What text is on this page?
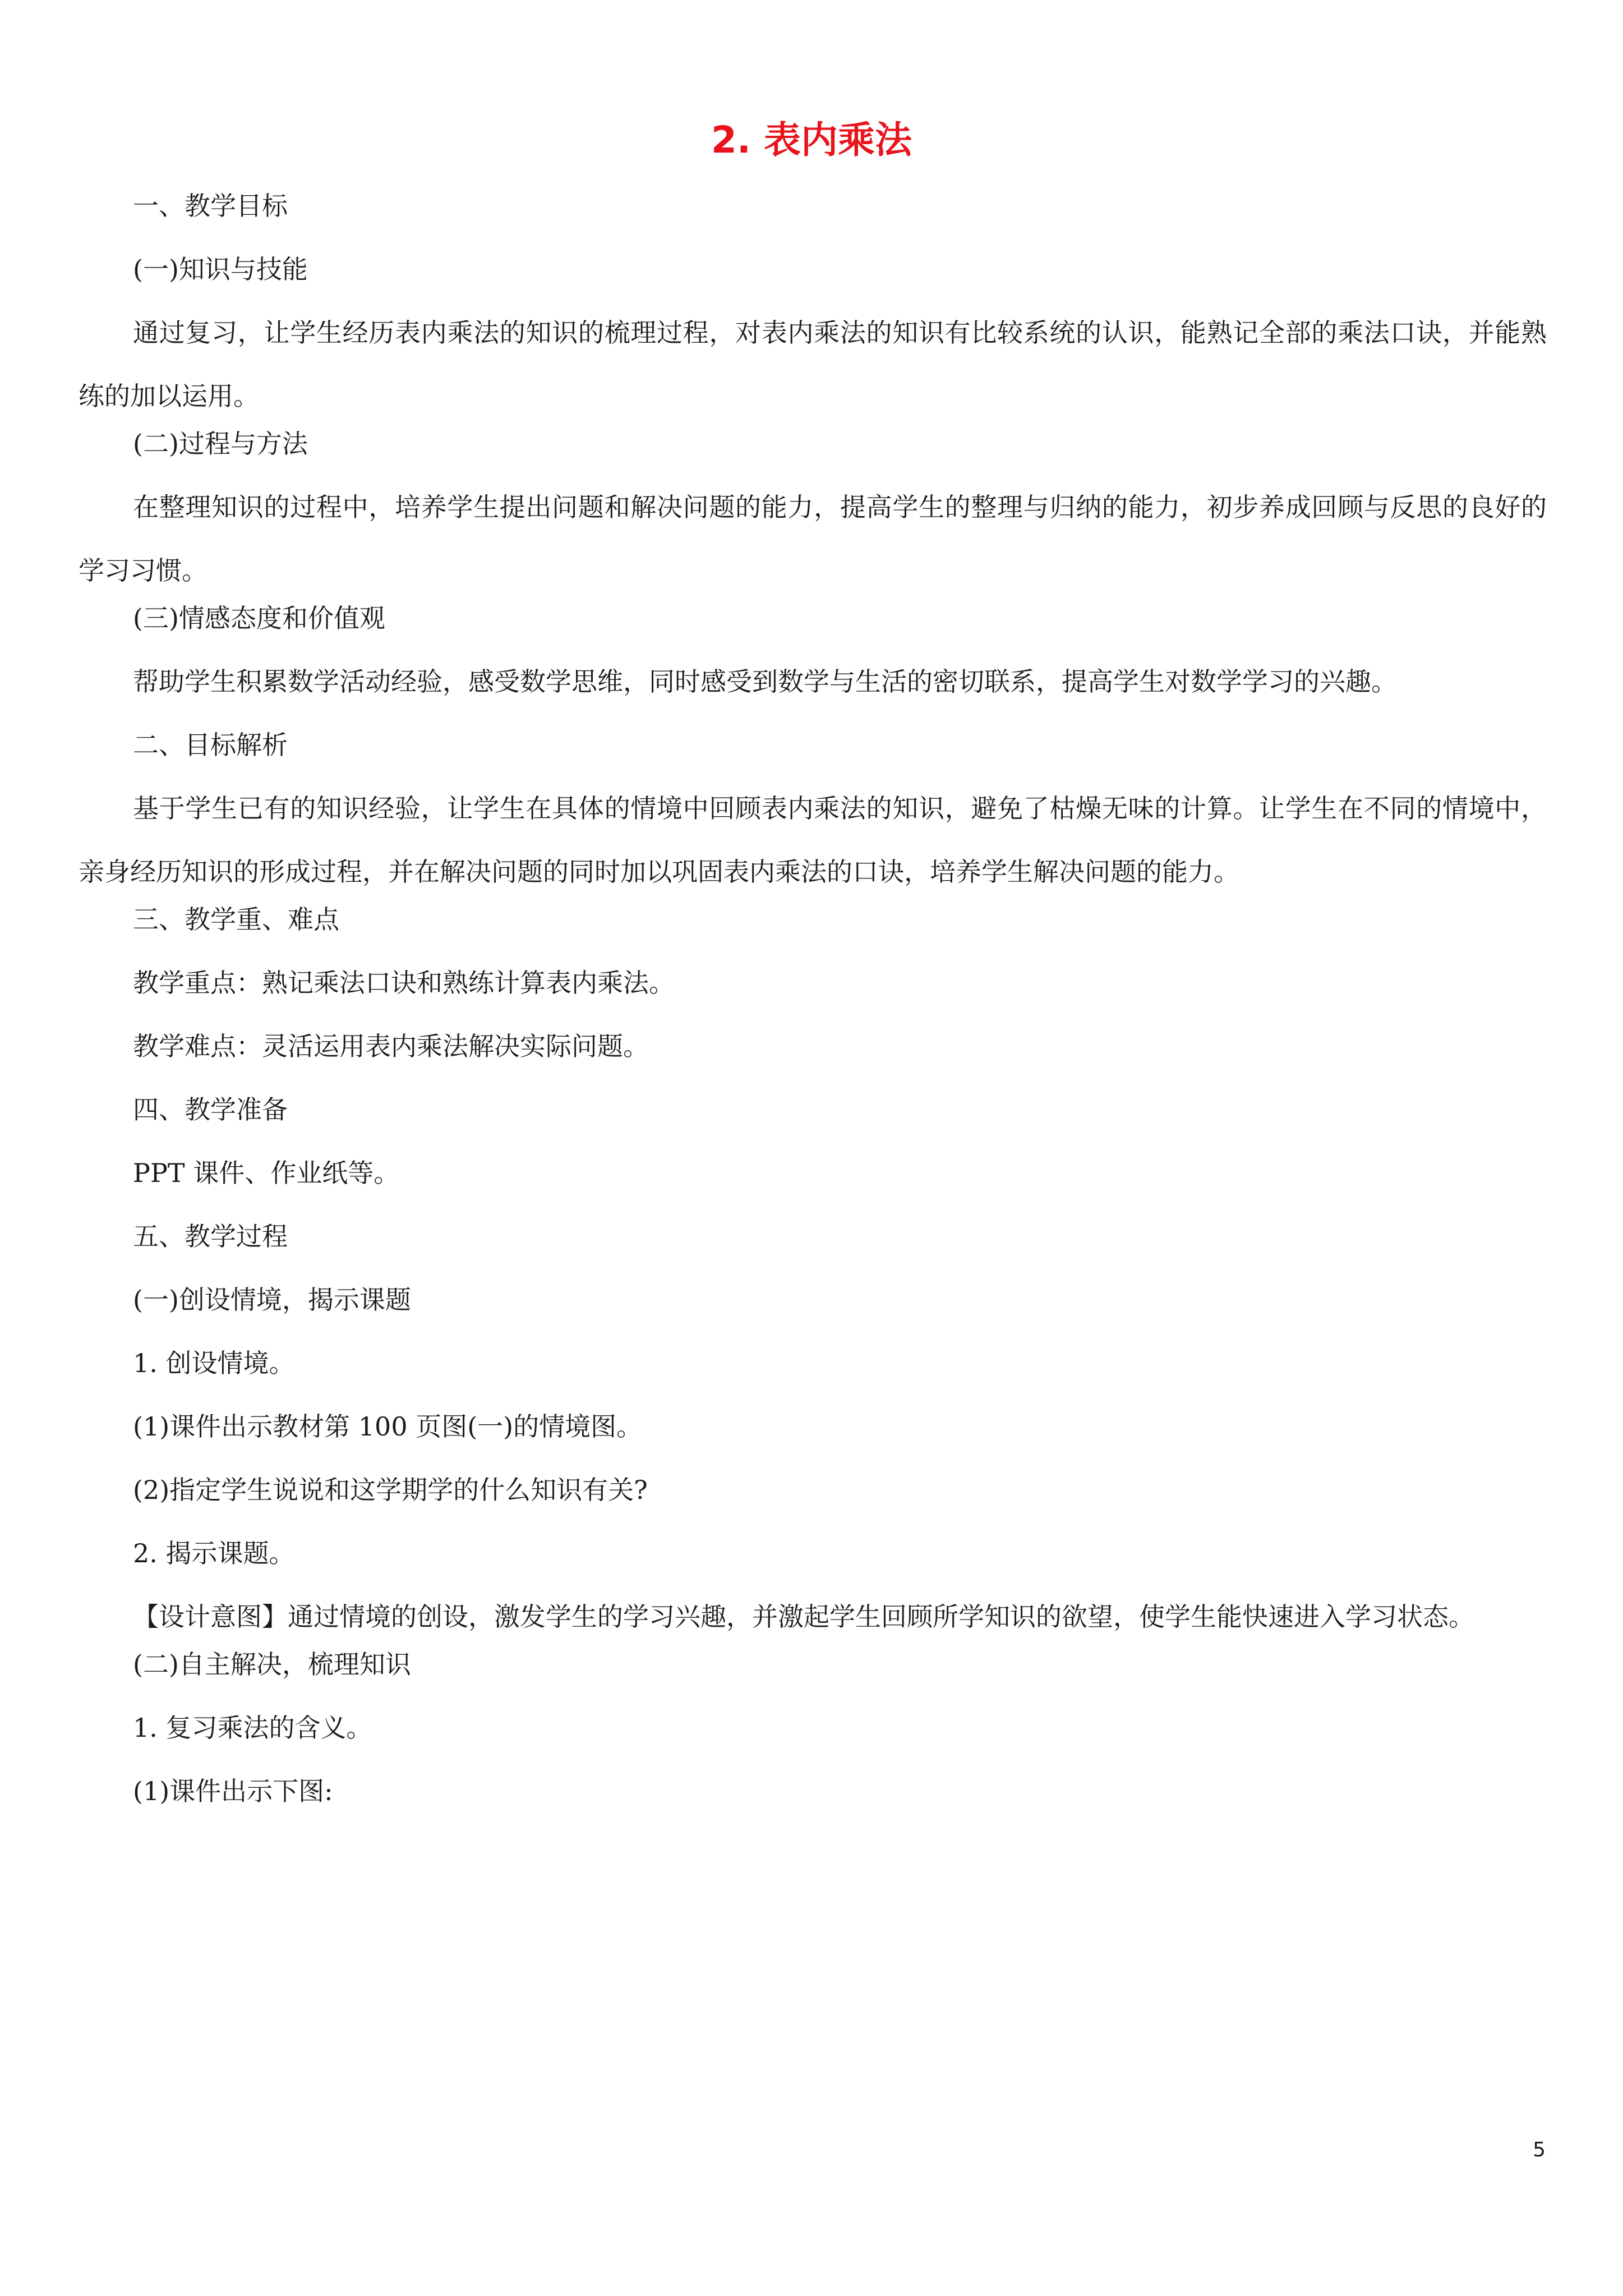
2. 表内乘法
一、教学目标
(一)知识与技能
通过复习，让学生经历表内乘法的知识的梳理过程，对表内乘法的知识有比较系统的认识，能熟记全部的乘法口诀，并能熟练的加以运用。
(二)过程与方法
在整理知识的过程中，培养学生提出问题和解决问题的能力，提高学生的整理与归纳的能力，初步养成回顾与反思的良好的学习习惯。
(三)情感态度和价值观
帮助学生积累数学活动经验，感受数学思维，同时感受到数学与生活的密切联系，提高学生对数学学习的兴趣。
二、目标解析
基于学生已有的知识经验，让学生在具体的情境中回顾表内乘法的知识，避免了枯燥无味的计算。让学生在不同的情境中，亲身经历知识的形成过程，并在解决问题的同时加以巩固表内乘法的口诀，培养学生解决问题的能力。
三、教学重、难点
教学重点：熟记乘法口诀和熟练计算表内乘法。
教学难点：灵活运用表内乘法解决实际问题。
四、教学准备
PPT 课件、作业纸等。
五、教学过程
(一)创设情境，揭示课题
1. 创设情境。
(1)课件出示教材第 100 页图(一)的情境图。
(2)指定学生说说和这学期学的什么知识有关?
2. 揭示课题。
【设计意图】通过情境的创设，激发学生的学习兴趣，并激起学生回顾所学知识的欲望，使学生能快速进入学习状态。
(二)自主解决，梳理知识
1. 复习乘法的含义。
(1)课件出示下图:
5
